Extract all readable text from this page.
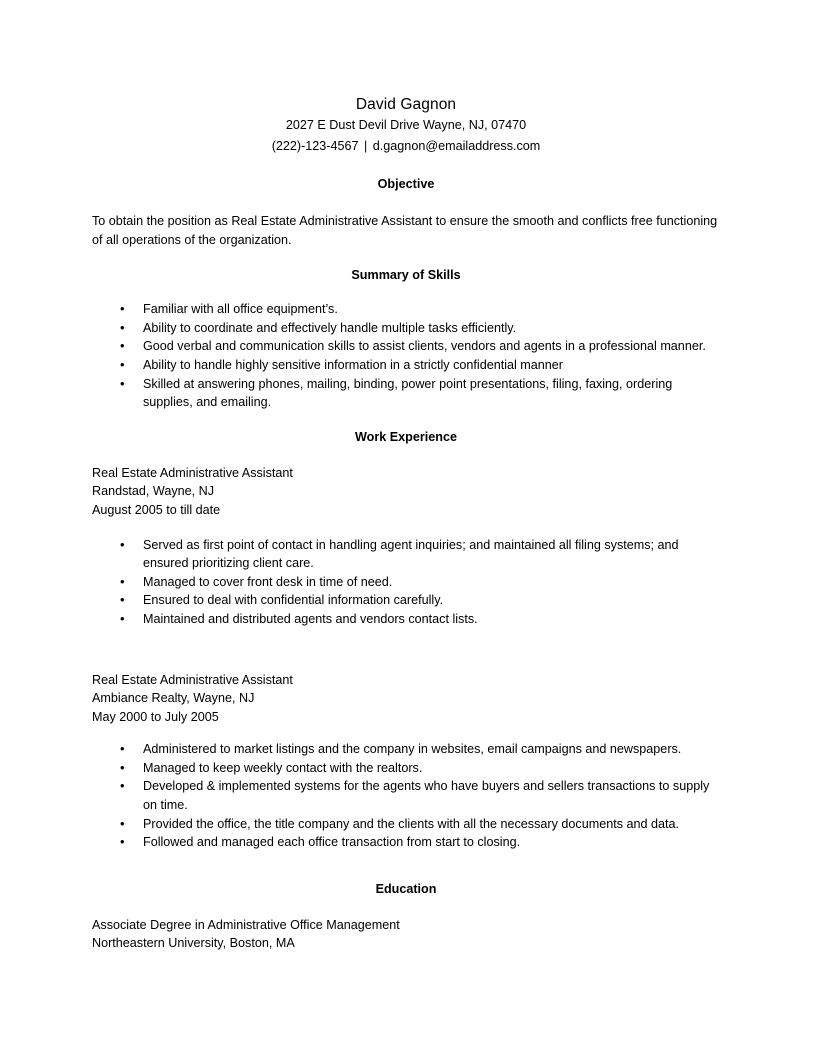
David Gagnon
2027 E Dust Devil Drive Wayne, NJ, 07470
(222)-123-4567 | d.gagnon@emailaddress.com
Objective
To obtain the position as Real Estate Administrative Assistant to ensure the smooth and conflicts free functioning of all operations of the organization.
Summary of Skills
• Familiar with all office equipment’s.
• Ability to coordinate and effectively handle multiple tasks efficiently.
• Good verbal and communication skills to assist clients, vendors and agents in a professional manner.
• Ability to handle highly sensitive information in a strictly confidential manner
• Skilled at answering phones, mailing, binding, power point presentations, filing, faxing, ordering supplies, and emailing.
Work Experience
Real Estate Administrative Assistant
Randstad, Wayne, NJ
August 2005 to till date
• Served as first point of contact in handling agent inquiries; and maintained all filing systems; and ensured prioritizing client care.
• Managed to cover front desk in time of need.
• Ensured to deal with confidential information carefully.
• Maintained and distributed agents and vendors contact lists.
Real Estate Administrative Assistant
Ambiance Realty, Wayne, NJ
May 2000 to July 2005
• Administered to market listings and the company in websites, email campaigns and newspapers.
• Managed to keep weekly contact with the realtors.
• Developed & implemented systems for the agents who have buyers and sellers transactions to supply on time.
• Provided the office, the title company and the clients with all the necessary documents and data.
• Followed and managed each office transaction from start to closing.
Education
Associate Degree in Administrative Office Management
Northeastern University, Boston, MA
